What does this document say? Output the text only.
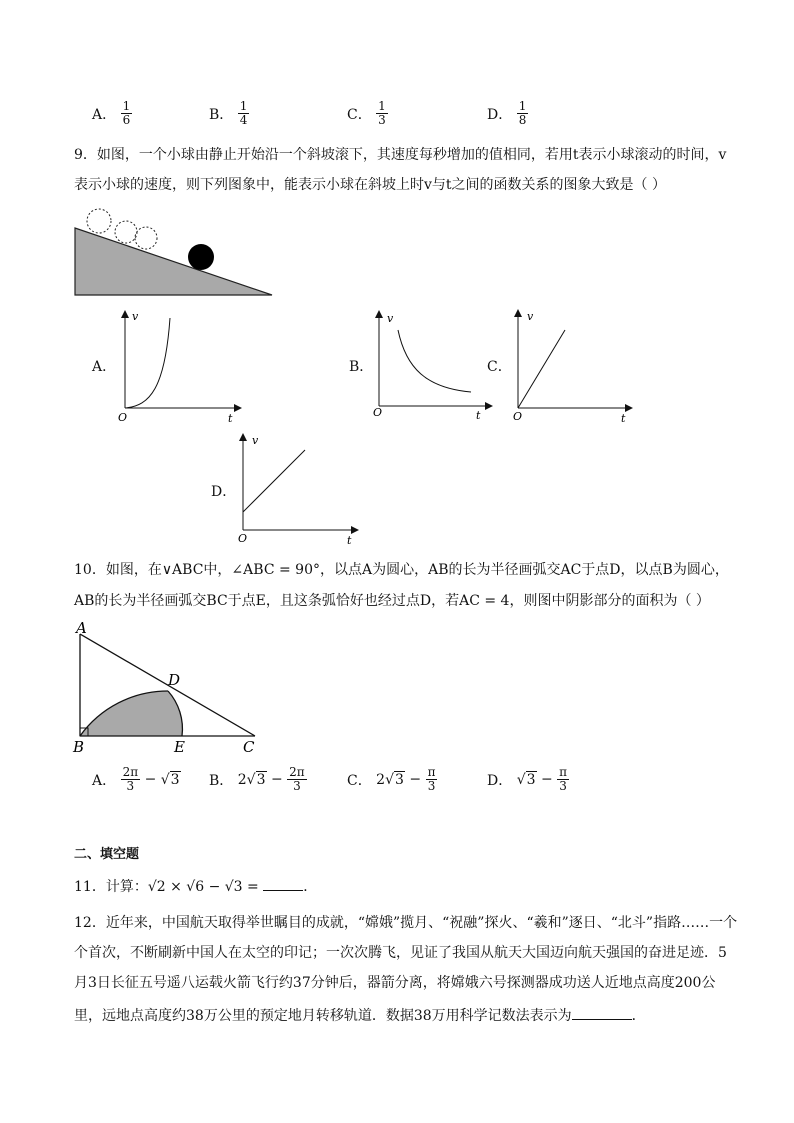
A． $\frac{1}{6}$	B． $\frac{1}{4}$	C． $\frac{1}{3}$	D． $\frac{1}{8}$
9．如图，一个小球由静止开始沿一个斜坡滚下，其速度每秒增加的值相同，若用t表示小球滚动的时间，v
表示小球的速度，则下列图象中，能表示小球在斜坡上时v与t之间的函数关系的图象大致是（ ）
A．
v
t
O
B．
v
t
O
C．
v
t
O
D．
v
t
O
10．如图，在∨ABC中，∠ABC = 90°，以点A为圆心，AB的长为半径画弧交AC于点D，以点B为圆心，
AB的长为半径画弧交BC于点E，且这条弧恰好也经过点D，若AC = 4，则图中阴影部分的面积为（ ）
A
B	C
D
E
A． $\frac{2\pi}{3} - √3$ B． $2√3 - \frac{2\pi}{3}$	C． $2√3 - \frac{\pi}{3}$	D． $√3 - \frac{\pi}{3}$
二、填空题
11．计算：√2 × √6 − √3 =	．
12．近年来，中国航天取得举世瞩目的成就，“嫦娥”揽月、“祝融”探火、“羲和”逐日、“北斗”指路……一个
个首次，不断刷新中国人在太空的印记；一次次腾飞，见证了我国从航天大国迈向航天强国的奋进足迹．5
月3日长征五号遥八运载火箭飞行约37分钟后，器箭分离，将嫦娥六号探测器成功送人近地点高度200公
里，远地点高度约38万公里的预定地月转移轨道．数据38万用科学记数法表示为	．
